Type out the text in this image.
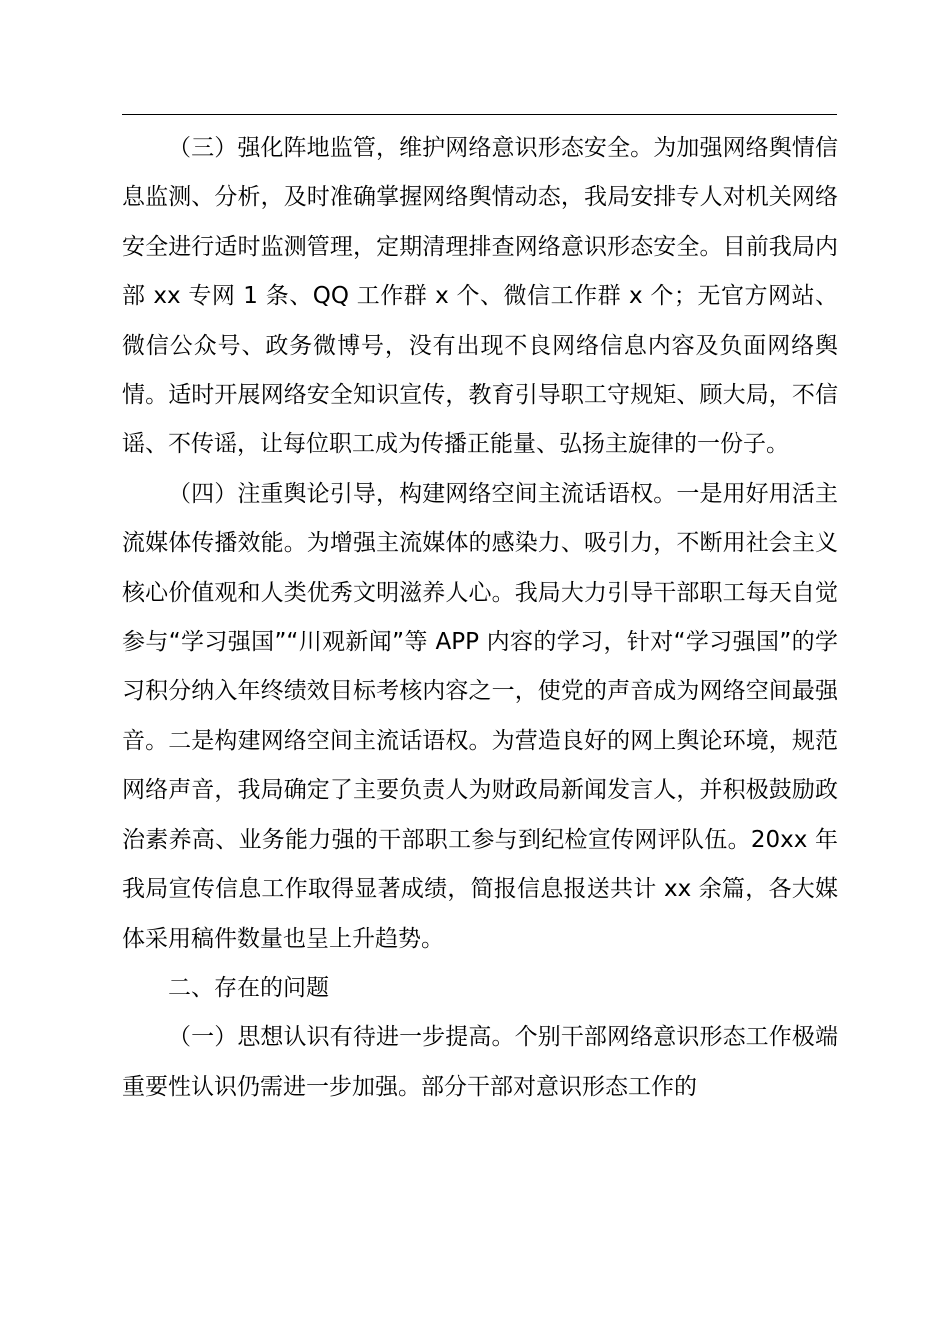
（三）强化阵地监管，维护网络意识形态安全。为加强网络舆情信息监测、分析，及时准确掌握网络舆情动态，我局安排专人对机关网络安全进行适时监测管理，定期清理排查网络意识形态安全。目前我局内部 xx 专网 1 条、QQ 工作群 x 个、微信工作群 x 个；无官方网站、微信公众号、政务微博号，没有出现不良网络信息内容及负面网络舆情。适时开展网络安全知识宣传，教育引导职工守规矩、顾大局，不信谣、不传谣，让每位职工成为传播正能量、弘扬主旋律的一份子。

（四）注重舆论引导，构建网络空间主流话语权。一是用好用活主流媒体传播效能。为增强主流媒体的感染力、吸引力，不断用社会主义核心价值观和人类优秀文明滋养人心。我局大力引导干部职工每天自觉参与“学习强国”“川观新闻”等 APP 内容的学习，针对“学习强国”的学习积分纳入年终绩效目标考核内容之一，使党的声音成为网络空间最强音。二是构建网络空间主流话语权。为营造良好的网上舆论环境，规范网络声音，我局确定了主要负责人为财政局新闻发言人，并积极鼓励政治素养高、业务能力强的干部职工参与到纪检宣传网评队伍。20xx 年我局宣传信息工作取得显著成绩，简报信息报送共计 xx 余篇，各大媒体采用稿件数量也呈上升趋势。

二、存在的问题

（一）思想认识有待进一步提高。个别干部网络意识形态工作极端重要性认识仍需进一步加强。部分干部对意识形态工作的
